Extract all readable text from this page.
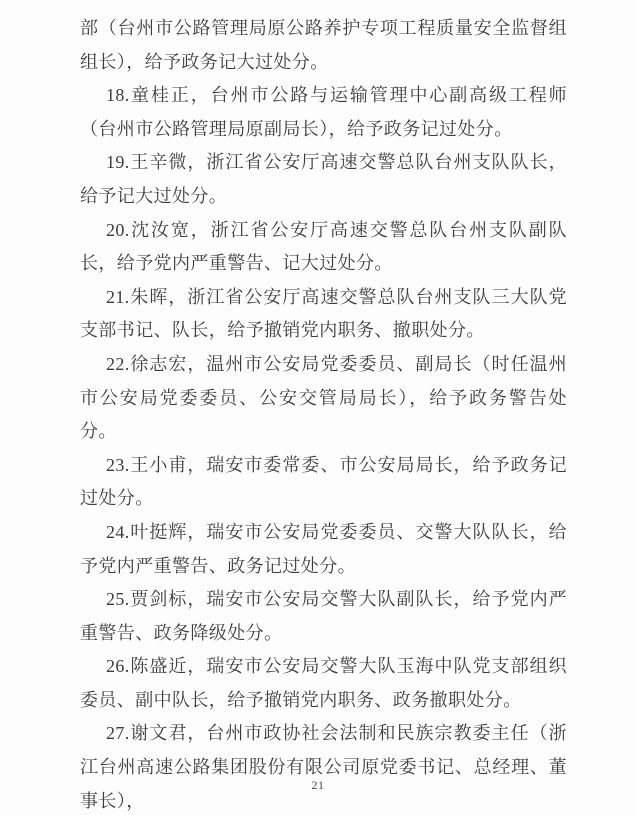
部（台州市公路管理局原公路养护专项工程质量安全监督组组长），给予政务记大过处分。

18.童桂正，台州市公路与运输管理中心副高级工程师（台州市公路管理局原副局长），给予政务记过处分。

19.王辛微，浙江省公安厅高速交警总队台州支队队长，给予记大过处分。

20.沈汝宽，浙江省公安厅高速交警总队台州支队副队长，给予党内严重警告、记大过处分。

21.朱晖，浙江省公安厅高速交警总队台州支队三大队党支部书记、队长，给予撤销党内职务、撤职处分。

22.徐志宏，温州市公安局党委委员、副局长（时任温州市公安局党委委员、公安交管局局长），给予政务警告处分。

23.王小甫，瑞安市委常委、市公安局局长，给予政务记过处分。

24.叶挺辉，瑞安市公安局党委委员、交警大队队长，给予党内严重警告、政务记过处分。

25.贾剑标，瑞安市公安局交警大队副队长，给予党内严重警告、政务降级处分。

26.陈盛近，瑞安市公安局交警大队玉海中队党支部组织委员、副中队长，给予撤销党内职务、政务撤职处分。

27.谢文君，台州市政协社会法制和民族宗教委主任（浙江台州高速公路集团股份有限公司原党委书记、总经理、董事长），

21
